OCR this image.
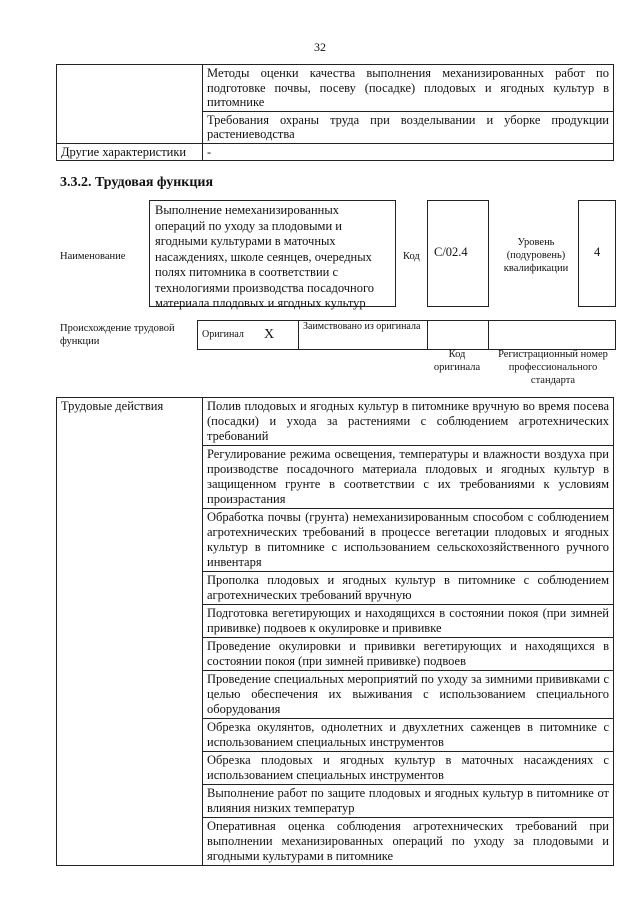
32
	Методы оценки качества выполнения механизированных работ по подготовке почвы, посеву (посадке) плодовых и ягодных культур в питомнике
	Требования охраны труда при возделывании и уборке продукции растениеводства
Другие характеристики	-
3.3.2. Трудовая функция
Наименование
Выполнение немеханизированных операций по уходу за плодовыми и ягодными культурами в маточных насаждениях, школе сеянцев, очередных полях питомника в соответствии с технологиями производства посадочного материала плодовых и ягодных культур
Код C/02.4
Уровень (подуровень) квалификации
4
Происхождение трудовой функции
Оригинал	X	Заимствовано из оригинала		
Код оригинала
Регистрационный номер профессионального стандарта
Трудовые действия	Полив плодовых и ягодных культур в питомнике вручную во время посева (посадки) и ухода за растениями с соблюдением агротехнических требований
Регулирование режима освещения, температуры и влажности воздуха при производстве посадочного материала плодовых и ягодных культур в защищенном грунте в соответствии с их требованиями к условиям произрастания
Обработка почвы (грунта) немеханизированным способом с соблюдением агротехнических требований в процессе вегетации плодовых и ягодных культур в питомнике с использованием сельскохозяйственного ручного инвентаря
Прополка плодовых и ягодных культур в питомнике с соблюдением агротехнических требований вручную
Подготовка вегетирующих и находящихся в состоянии покоя (при зимней прививке) подвоев к окулировке и прививке
Проведение окулировки и прививки вегетирующих и находящихся в состоянии покоя (при зимней прививке) подвоев
Проведение специальных мероприятий по уходу за зимними прививками с целью обеспечения их выживания с использованием специального оборудования
Обрезка окулянтов, однолетних и двухлетних саженцев в питомнике с использованием специальных инструментов
Обрезка плодовых и ягодных культур в маточных насаждениях с использованием специальных инструментов
Выполнение работ по защите плодовых и ягодных культур в питомнике от влияния низких температур
Оперативная оценка соблюдения агротехнических требований при выполнении механизированных операций по уходу за плодовыми и ягодными культурами в питомнике
